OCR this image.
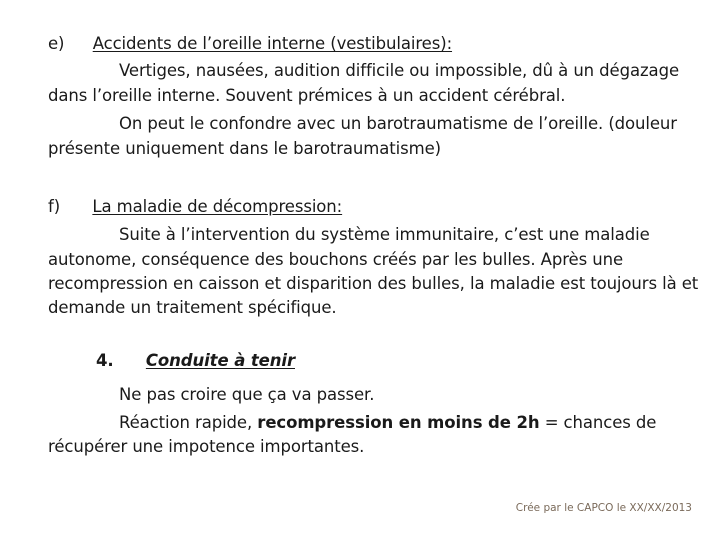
e) Accidents de l’oreille interne (vestibulaires):
Vertiges, nausées, audition difficile ou impossible, dû à un dégazage
dans l’oreille interne. Souvent prémices à un accident cérébral.
On peut le confondre avec un barotraumatisme de l’oreille. (douleur
présente uniquement dans le barotraumatisme)
f) La maladie de décompression:
Suite à l’intervention du système immunitaire, c’est une maladie
autonome, conséquence des bouchons créés par les bulles. Après une
recompression en caisson et disparition des bulles, la maladie est toujours là et
demande un traitement spécifique.
4. Conduite à tenir
Ne pas croire que ça va passer.
Réaction rapide, recompression en moins de 2h = chances de
récupérer une impotence importantes.
Crée par le CAPCO le XX/XX/2013
